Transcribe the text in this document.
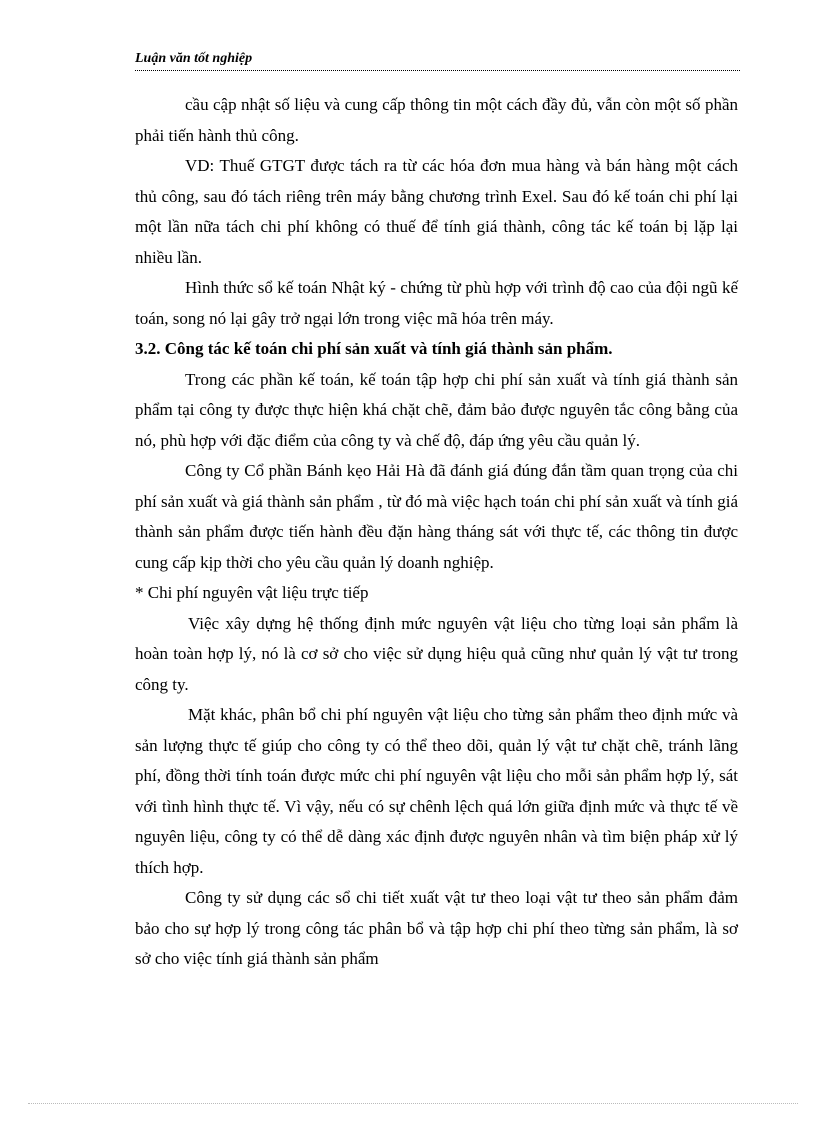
Luận văn tốt nghiệp

cầu cập nhật số liệu và cung cấp thông tin một cách đầy đủ, vẫn còn một số phần phải tiến hành thủ công.

VD: Thuế GTGT được tách ra từ các hóa đơn mua hàng và bán hàng một cách thủ công, sau đó tách riêng trên máy bằng chương trình Exel. Sau đó kế toán chi phí lại một lần nữa tách chi phí không có thuế để tính giá thành, công tác kế toán bị lặp lại nhiều lần.

Hình thức sổ kế toán Nhật ký - chứng từ phù hợp với trình độ cao của đội ngũ kế toán, song nó lại gây trở ngại lớn trong việc mã hóa trên máy.

3.2. Công tác kế toán chi phí sản xuất và tính giá thành sản phẩm.

Trong các phần kế toán, kế toán tập hợp chi phí sản xuất và tính giá thành sản phẩm tại công ty được thực hiện khá chặt chẽ, đảm bảo được nguyên tắc công bằng của nó, phù hợp với đặc điểm của công ty và chế độ, đáp ứng yêu cầu quản lý.

Công ty Cổ phần Bánh kẹo Hải Hà đã đánh giá đúng đắn tầm quan trọng của chi phí sản xuất và giá thành sản phẩm , từ đó mà việc hạch toán chi phí sản xuất và tính giá thành sản phẩm được tiến hành đều đặn hàng tháng sát với thực tế, các thông tin được cung cấp kịp thời cho yêu cầu quản lý doanh nghiệp.

* Chi phí nguyên vật liệu trực tiếp

Việc xây dựng hệ thống định mức nguyên vật liệu cho từng loại sản phẩm là hoàn toàn hợp lý, nó là cơ sở cho việc sử dụng hiệu quả cũng như quản lý vật tư trong công ty.

Mặt khác, phân bổ chi phí nguyên vật liệu cho từng sản phẩm theo định mức và sản lượng thực tế giúp cho công ty có thể theo dõi, quản lý vật tư chặt chẽ, tránh lãng phí, đồng thời tính toán được mức chi phí nguyên vật liệu cho mỗi sản phẩm hợp lý, sát với tình hình thực tế. Vì vậy, nếu có sự chênh lệch quá lớn giữa định mức và thực tế về nguyên liệu, công ty có thể dễ dàng xác định được nguyên nhân và tìm biện pháp xử lý thích hợp.

Công ty sử dụng các sổ chi tiết xuất vật tư theo loại vật tư theo sản phẩm đảm bảo cho sự hợp lý trong công tác phân bổ và tập hợp chi phí theo từng sản phẩm, là sơ sở cho việc tính giá thành sản phẩm
